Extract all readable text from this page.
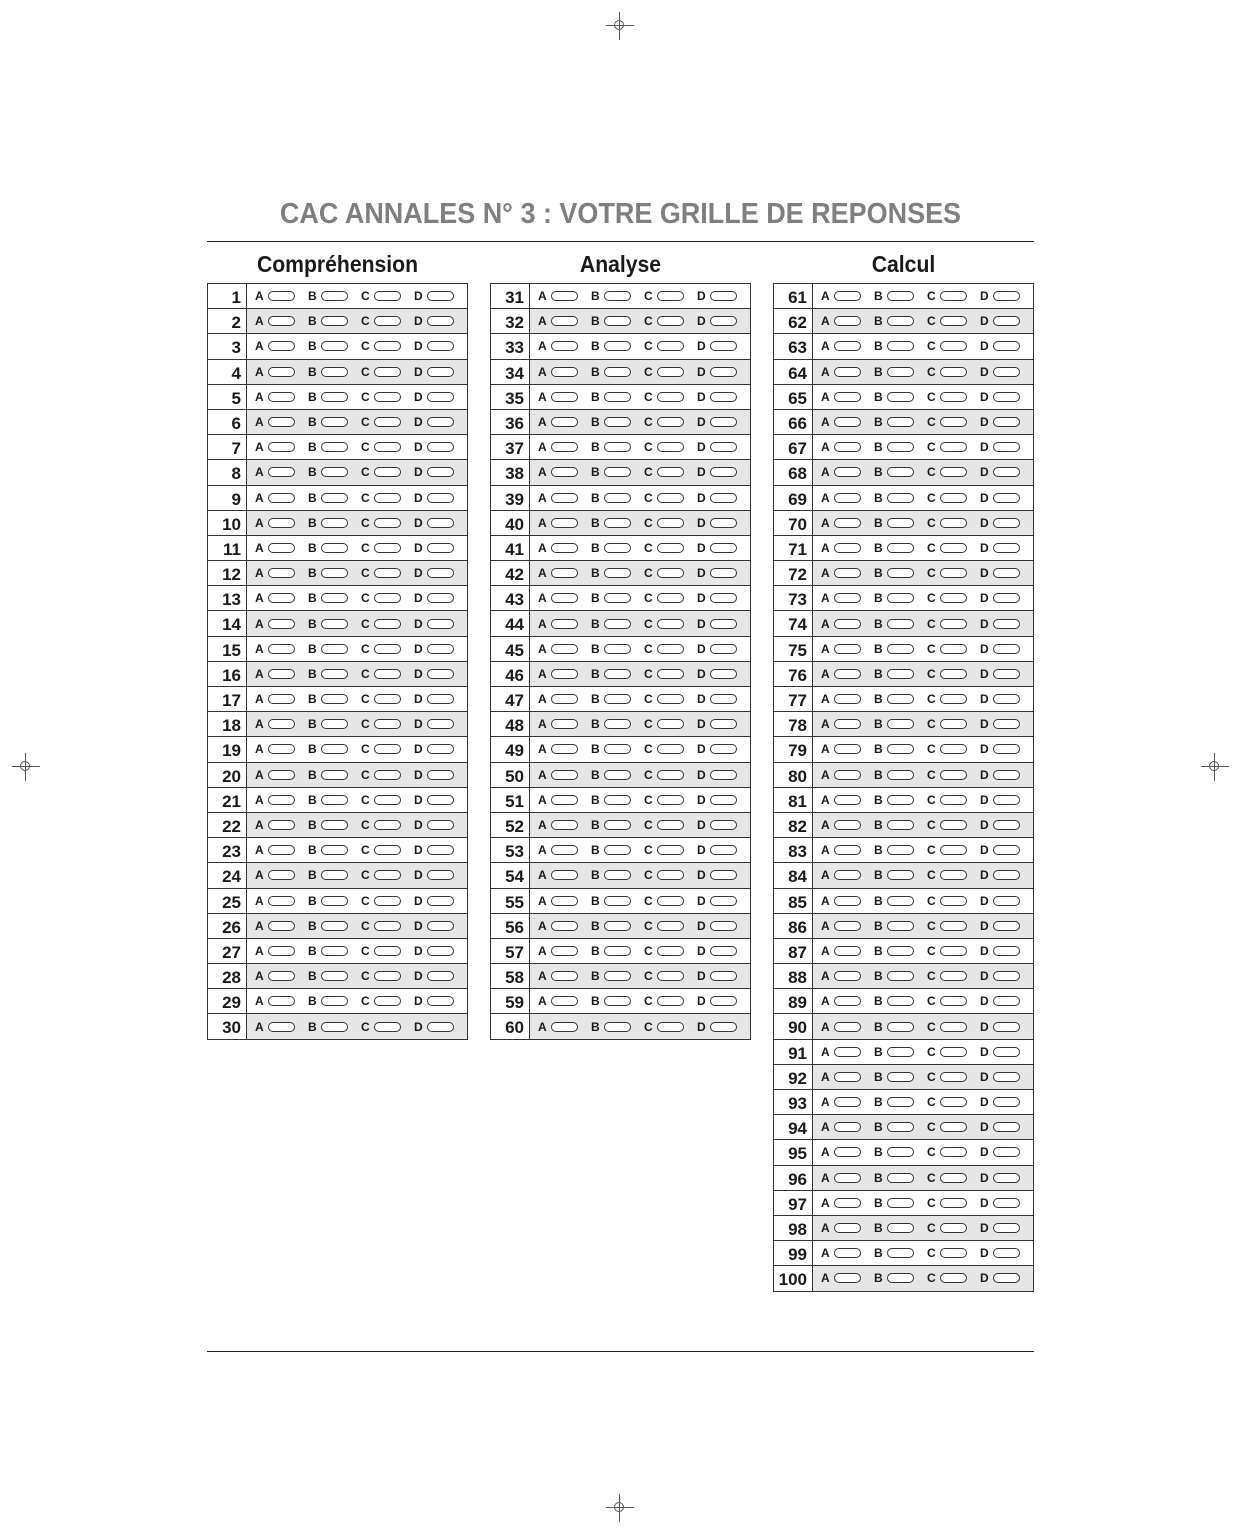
CAC ANNALES N° 3 : VOTRE GRILLE DE REPONSES
Compréhension
1	A	B	C	D
2	A	B	C	D
3	A	B	C	D
4	A	B	C	D
5	A	B	C	D
6	A	B	C	D
7	A	B	C	D
8	A	B	C	D
9	A	B	C	D
10	A	B	C	D
11	A	B	C	D
12	A	B	C	D
13	A	B	C	D
14	A	B	C	D
15	A	B	C	D
16	A	B	C	D
17	A	B	C	D
18	A	B	C	D
19	A	B	C	D
20	A	B	C	D
21	A	B	C	D
22	A	B	C	D
23	A	B	C	D
24	A	B	C	D
25	A	B	C	D
26	A	B	C	D
27	A	B	C	D
28	A	B	C	D
29	A	B	C	D
30	A	B	C	D
Analyse
31	A	B	C	D
32	A	B	C	D
33	A	B	C	D
34	A	B	C	D
35	A	B	C	D
36	A	B	C	D
37	A	B	C	D
38	A	B	C	D
39	A	B	C	D
40	A	B	C	D
41	A	B	C	D
42	A	B	C	D
43	A	B	C	D
44	A	B	C	D
45	A	B	C	D
46	A	B	C	D
47	A	B	C	D
48	A	B	C	D
49	A	B	C	D
50	A	B	C	D
51	A	B	C	D
52	A	B	C	D
53	A	B	C	D
54	A	B	C	D
55	A	B	C	D
56	A	B	C	D
57	A	B	C	D
58	A	B	C	D
59	A	B	C	D
60	A	B	C	D
Calcul
61	A	B	C	D
62	A	B	C	D
63	A	B	C	D
64	A	B	C	D
65	A	B	C	D
66	A	B	C	D
67	A	B	C	D
68	A	B	C	D
69	A	B	C	D
70	A	B	C	D
71	A	B	C	D
72	A	B	C	D
73	A	B	C	D
74	A	B	C	D
75	A	B	C	D
76	A	B	C	D
77	A	B	C	D
78	A	B	C	D
79	A	B	C	D
80	A	B	C	D
81	A	B	C	D
82	A	B	C	D
83	A	B	C	D
84	A	B	C	D
85	A	B	C	D
86	A	B	C	D
87	A	B	C	D
88	A	B	C	D
89	A	B	C	D
90	A	B	C	D
91	A	B	C	D
92	A	B	C	D
93	A	B	C	D
94	A	B	C	D
95	A	B	C	D
96	A	B	C	D
97	A	B	C	D
98	A	B	C	D
99	A	B	C	D
100	A	B	C	D
